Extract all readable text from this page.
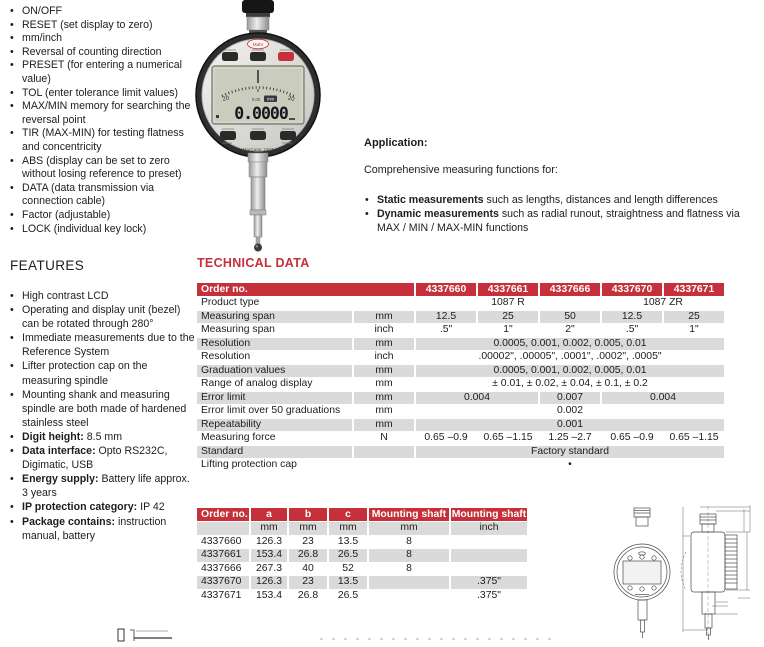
• ON/OFF
• RESET (set display to zero)
• mm/inch
• Reversal of counting direction
• PRESET (for entering a numerical value)
• TOL (enter tolerance limit values)
• MAX/MIN memory for searching the reversal point
• TIR (MAX-MIN) for testing flatness and concentricity
• ABS (display can be set to zero without losing reference to preset)
• DATA (data transmission via connection cable)
• Factor (adjustable)
• LOCK (individual key lock)
FEATURES
• High contrast LCD
• Operating and display unit (bezel) can be rotated through 280°
• Immediate measurements due to the Reference System
• Lifter protection cap on the measuring spindle
• Mounting shank and measuring spindle are both made of hardened stainless steel
• Digit height: 8.5 mm
• Data interface: Opto RS232C, Digimatic, USB
• Energy supply: Battery life approx. 3 years
• IP protection category: IP 42
• Package contains: instruction manual, battery
Mahr
20	20
0
0.00 mm
0.0000
MarCator 1087

Application:

Comprehensive measuring functions for:

• Static measurements such as lengths, distances and length differences
• Dynamic measurements such as radial runout, straightness and flatness via MAX / MIN / MAX-MIN functions
TECHNICAL DATA
Order no.		4337660	4337661	4337666	4337670	4337671
Product type		1087 R			1087 ZR	
Measuring span	mm	12.5	25	50	12.5	25
Measuring span	inch	.5"	1"	2"	.5"	1"
Resolution	mm	0.0005, 0.001, 0.002, 0.005, 0.01				
Resolution	inch	.00002", .00005", .0001", .0002", .0005"				
Graduation values	mm	0.0005, 0.001, 0.002, 0.005, 0.01				
Range of analog display	mm	± 0.01, ± 0.02, ± 0.04, ± 0.1, ± 0.2				
Error limit	mm	0.004		0.007	0.004	
Error limit over 50 graduations	mm	0.002				
Repeatability	mm	0.001				
Measuring force	N	0.65 –0.9	0.65 –1.15	1.25 –2.7	0.65 –0.9	0.65 –1.15
Standard		Factory standard				
Lifting protection cap		•				
Order no.	a	b	c	Mounting shaft	Mounting shaft
	mm	mm	mm	mm	inch
4337660	126.3	23	13.5	8	
4337661	153.4	26.8	26.5	8	
4337666	267.3	40	52	8	
4337670	126.3	23	13.5		.375"
4337671	153.4	26.8	26.5		.375"
